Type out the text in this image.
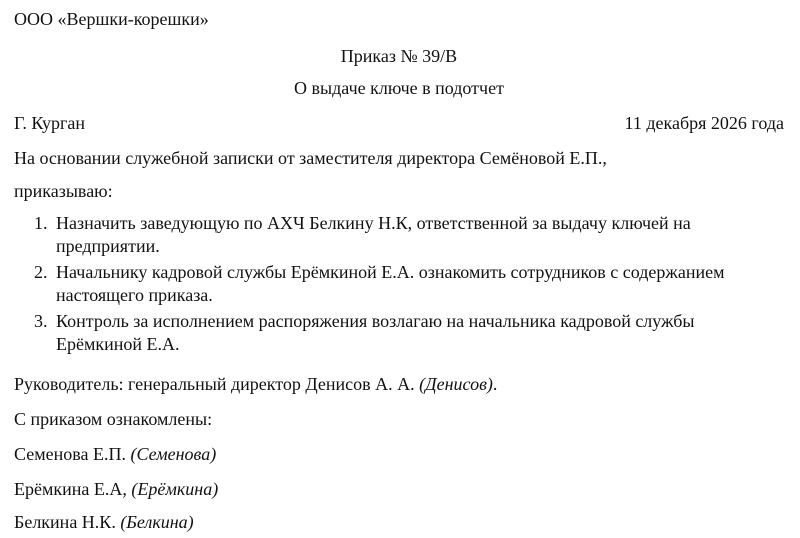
ООО «Вершки-корешки»
Приказ № 39/В
О выдаче ключе в подотчет
Г. Курган	11 декабря 2026 года
На основании служебной записки от заместителя директора Семёновой Е.П.,
приказываю:
1. Назначить заведующую по АХЧ Белкину Н.К, ответственной за выдачу ключей на предприятии.
2. Начальнику кадровой службы Ерёмкиной Е.А. ознакомить сотрудников с содержанием настоящего приказа.
3. Контроль за исполнением распоряжения возлагаю на начальника кадровой службы Ерёмкиной Е.А.
Руководитель: генеральный директор Денисов А. А. (Денисов).
С приказом ознакомлены:
Семенова Е.П. (Семенова)
Ерёмкина Е.А, (Ерёмкина)
Белкина Н.К. (Белкина)
